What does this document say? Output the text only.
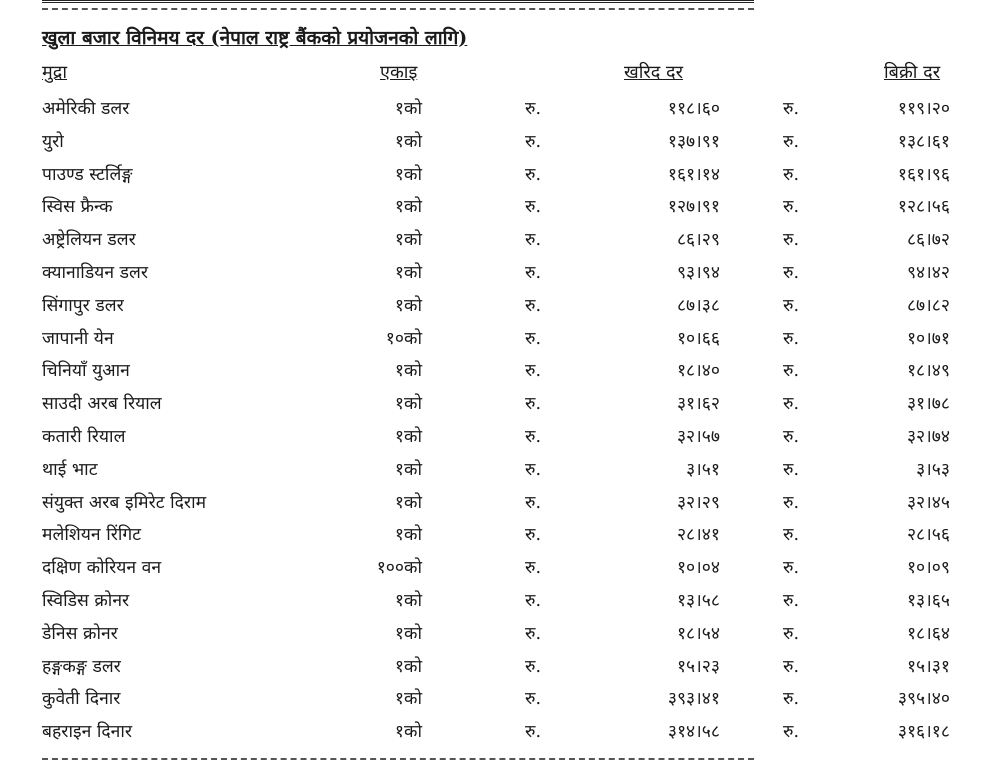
खुला बजार विनिमय दर (नेपाल राष्ट्र बैंकको प्रयोजनको लागि)
मुद्रा	एकाइ	खरिद दर	बिक्री दर
अमेरिकी डलर	१ को	रु.	११८।६०	रु.	११९।२०
युरो	१ को	रु.	१३७।९१	रु.	१३८।६१
पाउण्ड स्टर्लिङ्ग	१ को	रु.	१६१।१४	रु.	१६१।९६
स्विस फ्रैन्क	१ को	रु.	१२७।९१	रु.	१२८।५६
अष्ट्रेलियन डलर	१ को	रु.	८६।२९	रु.	८६।७२
क्यानाडियन डलर	१ को	रु.	९३।९४	रु.	९४।४२
सिंगापुर डलर	१ को	रु.	८७।३८	रु.	८७।८२
जापानी येन	१० को	रु.	१०।६६	रु.	१०।७१
चिनियाँ युआन	१ को	रु.	१८।४०	रु.	१८।४९
साउदी अरब रियाल	१ को	रु.	३१।६२	रु.	३१।७८
कतारी रियाल	१ को	रु.	३२।५७	रु.	३२।७४
थाई भाट	१ को	रु.	३।५१	रु.	३।५३
संयुक्त अरब इमिरेट दिराम	१ को	रु.	३२।२९	रु.	३२।४५
मलेशियन रिंगिट	१ को	रु.	२८।४१	रु.	२८।५६
दक्षिण कोरियन वन	१०० को	रु.	१०।०४	रु.	१०।०९
स्विडिस क्रोनर	१ को	रु.	१३।५८	रु.	१३।६५
डेनिस क्रोनर	१ को	रु.	१८।५४	रु.	१८।६४
हङ्गकङ्ग डलर	१ को	रु.	१५।२३	रु.	१५।३१
कुवेती दिनार	१ को	रु.	३९३।४१	रु.	३९५।४०
बहराइन दिनार	१ को	रु.	३१४।५८	रु.	३१६।१८
